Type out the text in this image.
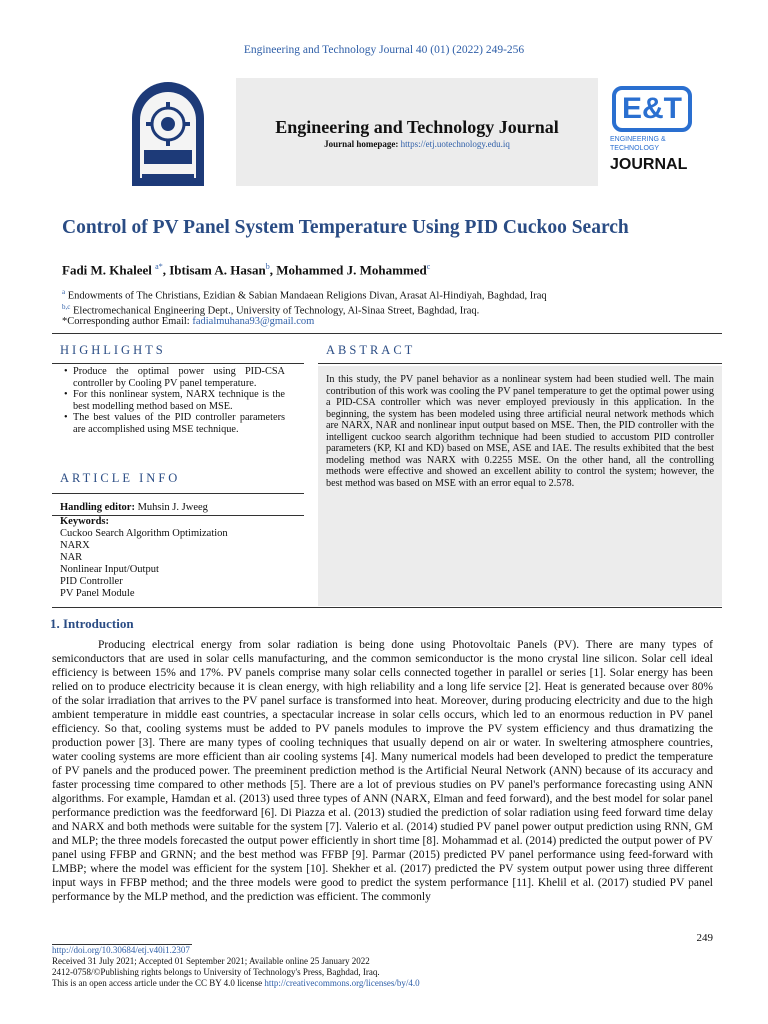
Engineering and Technology Journal 40 (01) (2022) 249-256
UNIVERSITY OF TECHNOLOGY-IRAQ
Engineering and Technology Journal
Journal homepage: https://etj.uotechnology.edu.iq
E&T
ENGINEERING &
TECHNOLOGY
JOURNAL
Control of PV Panel System Temperature Using PID Cuckoo Search
Fadi M. Khaleel $^{a*}$, Ibtisam A. Hasan$^b$, Mohammed J. Mohammed$^c$
$^a$ Endowments of The Christians, Ezidian & Sabian Mandaean Religions Divan, Arasat Al-Hindiyah, Baghdad, Iraq
$^{b,c}$ Electromechanical Engineering Dept., University of Technology, Al-Sinaa Street, Baghdad, Iraq.
*Corresponding author Email: fadialmuhana93@gmail.com
HIGHLIGHTS
• Produce the optimal power using PID-CSA controller by Cooling PV panel temperature.
• For this nonlinear system, NARX technique is the best modelling method based on MSE.
• The best values of the PID controller parameters are accomplished using MSE technique.
ARTICLE INFO
Handling editor: Muhsin J. Jweeg
Keywords:
Cuckoo Search Algorithm Optimization
NARX
NAR
Nonlinear Input/Output
PID Controller
PV Panel Module
ABSTRACT
In this study, the PV panel behavior as a nonlinear system had been studied well. The main contribution of this work was cooling the PV panel temperature to get the optimal power using a PID-CSA controller which was never employed previously in this application. In the beginning, the system has been modeled using three artificial neural network methods which are NARX, NAR and nonlinear input output based on MSE. Then, the PID controller with the intelligent cuckoo search algorithm technique had been studied to accustom PID controller parameters (KP, KI and KD) based on MSE, ASE and IAE. The results exhibited that the best modeling method was NARX with 0.2255 MSE. On the other hand, all the controlling methods were effective and showed an excellent ability to control the system; however, the best method was based on MSE with an error equal to 2.578.
1. Introduction

Producing electrical energy from solar radiation is being done using Photovoltaic Panels (PV). There are many types of semiconductors that are used in solar cells manufacturing, and the common semiconductor is the mono crystal line silicon. Solar cell ideal efficiency is between 15% and 17%. PV panels comprise many solar cells connected together in parallel or series [1]. Solar energy has been relied on to produce electricity because it is clean energy, with high reliability and a long life service [2]. Heat is generated because over 80% of the solar irradiation that arrives to the PV panel surface is transformed into heat. Moreover, during producing electricity and due to the high ambient temperature in middle east countries, a spectacular increase in solar cells occurs, which led to an enormous reduction in PV panel efficiency. So that, cooling systems must be added to PV panels modules to improve the PV system efficiency and thus dramatizing the production power [3]. There are many types of cooling techniques that usually depend on air or water. In sweltering atmosphere countries, water cooling systems are more efficient than air cooling systems [4]. Many numerical models had been developed to predict the temperature of PV panels and the produced power. The preeminent prediction method is the Artificial Neural Network (ANN) because of its accuracy and faster processing time compared to other methods [5]. There are a lot of previous studies on PV panel's performance forecasting using ANN algorithms. For example, Hamdan et al. (2013) used three types of ANN (NARX, Elman and feed forward), and the best model for solar panel performance prediction was the feedforward [6]. Di Piazza et al. (2013) studied the prediction of solar radiation using feed forward time delay and NARX and both methods were suitable for the system [7]. Valerio et al. (2014) studied PV panel power output prediction using RNN, GM and MLP; the three models forecasted the output power efficiently in short time [8]. Mohammad et al. (2014) predicted the output power of PV panel using FFBP and GRNN; and the best method was FFBP [9]. Parmar (2015) predicted PV panel performance using feed-forward with LMBP; where the model was efficient for the system [10]. Shekher et al. (2017) predicted the PV system output power using three different input ways in FFBP method; and the three models were good to predict the system performance [11]. Khelil et al. (2017) studied PV panel performance by the MLP method, and the prediction was efficient. The commonly

249
http://doi.org/10.30684/etj.v40i1.2307
Received 31 July 2021; Accepted 01 September 2021; Available online 25 January 2022
2412-0758/©Publishing rights belongs to University of Technology's Press, Baghdad, Iraq.
This is an open access article under the CC BY 4.0 license http://creativecommons.org/licenses/by/4.0
